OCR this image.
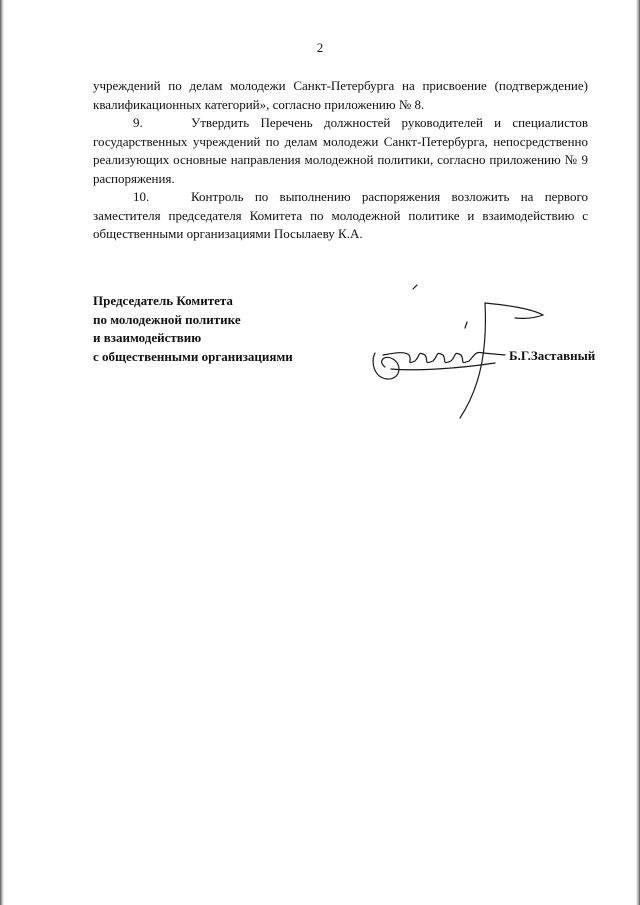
2

учреждений по делам молодежи Санкт-Петербурга на присвоение (подтверждение) квалификационных категорий», согласно приложению № 8.

9.	Утвердить Перечень должностей руководителей и специалистов государственных учреждений по делам молодежи Санкт-Петербурга, непосредственно реализующих основные направления молодежной политики, согласно приложению № 9 распоряжения.

10.	Контроль по выполнению распоряжения возложить на первого заместителя председателя Комитета по молодежной политике и взаимодействию с общественными организациями Посылаеву К.А.

Председатель Комитета
по молодежной политике
и взаимодействию
с общественными организациями	Б.Г.Заставный
